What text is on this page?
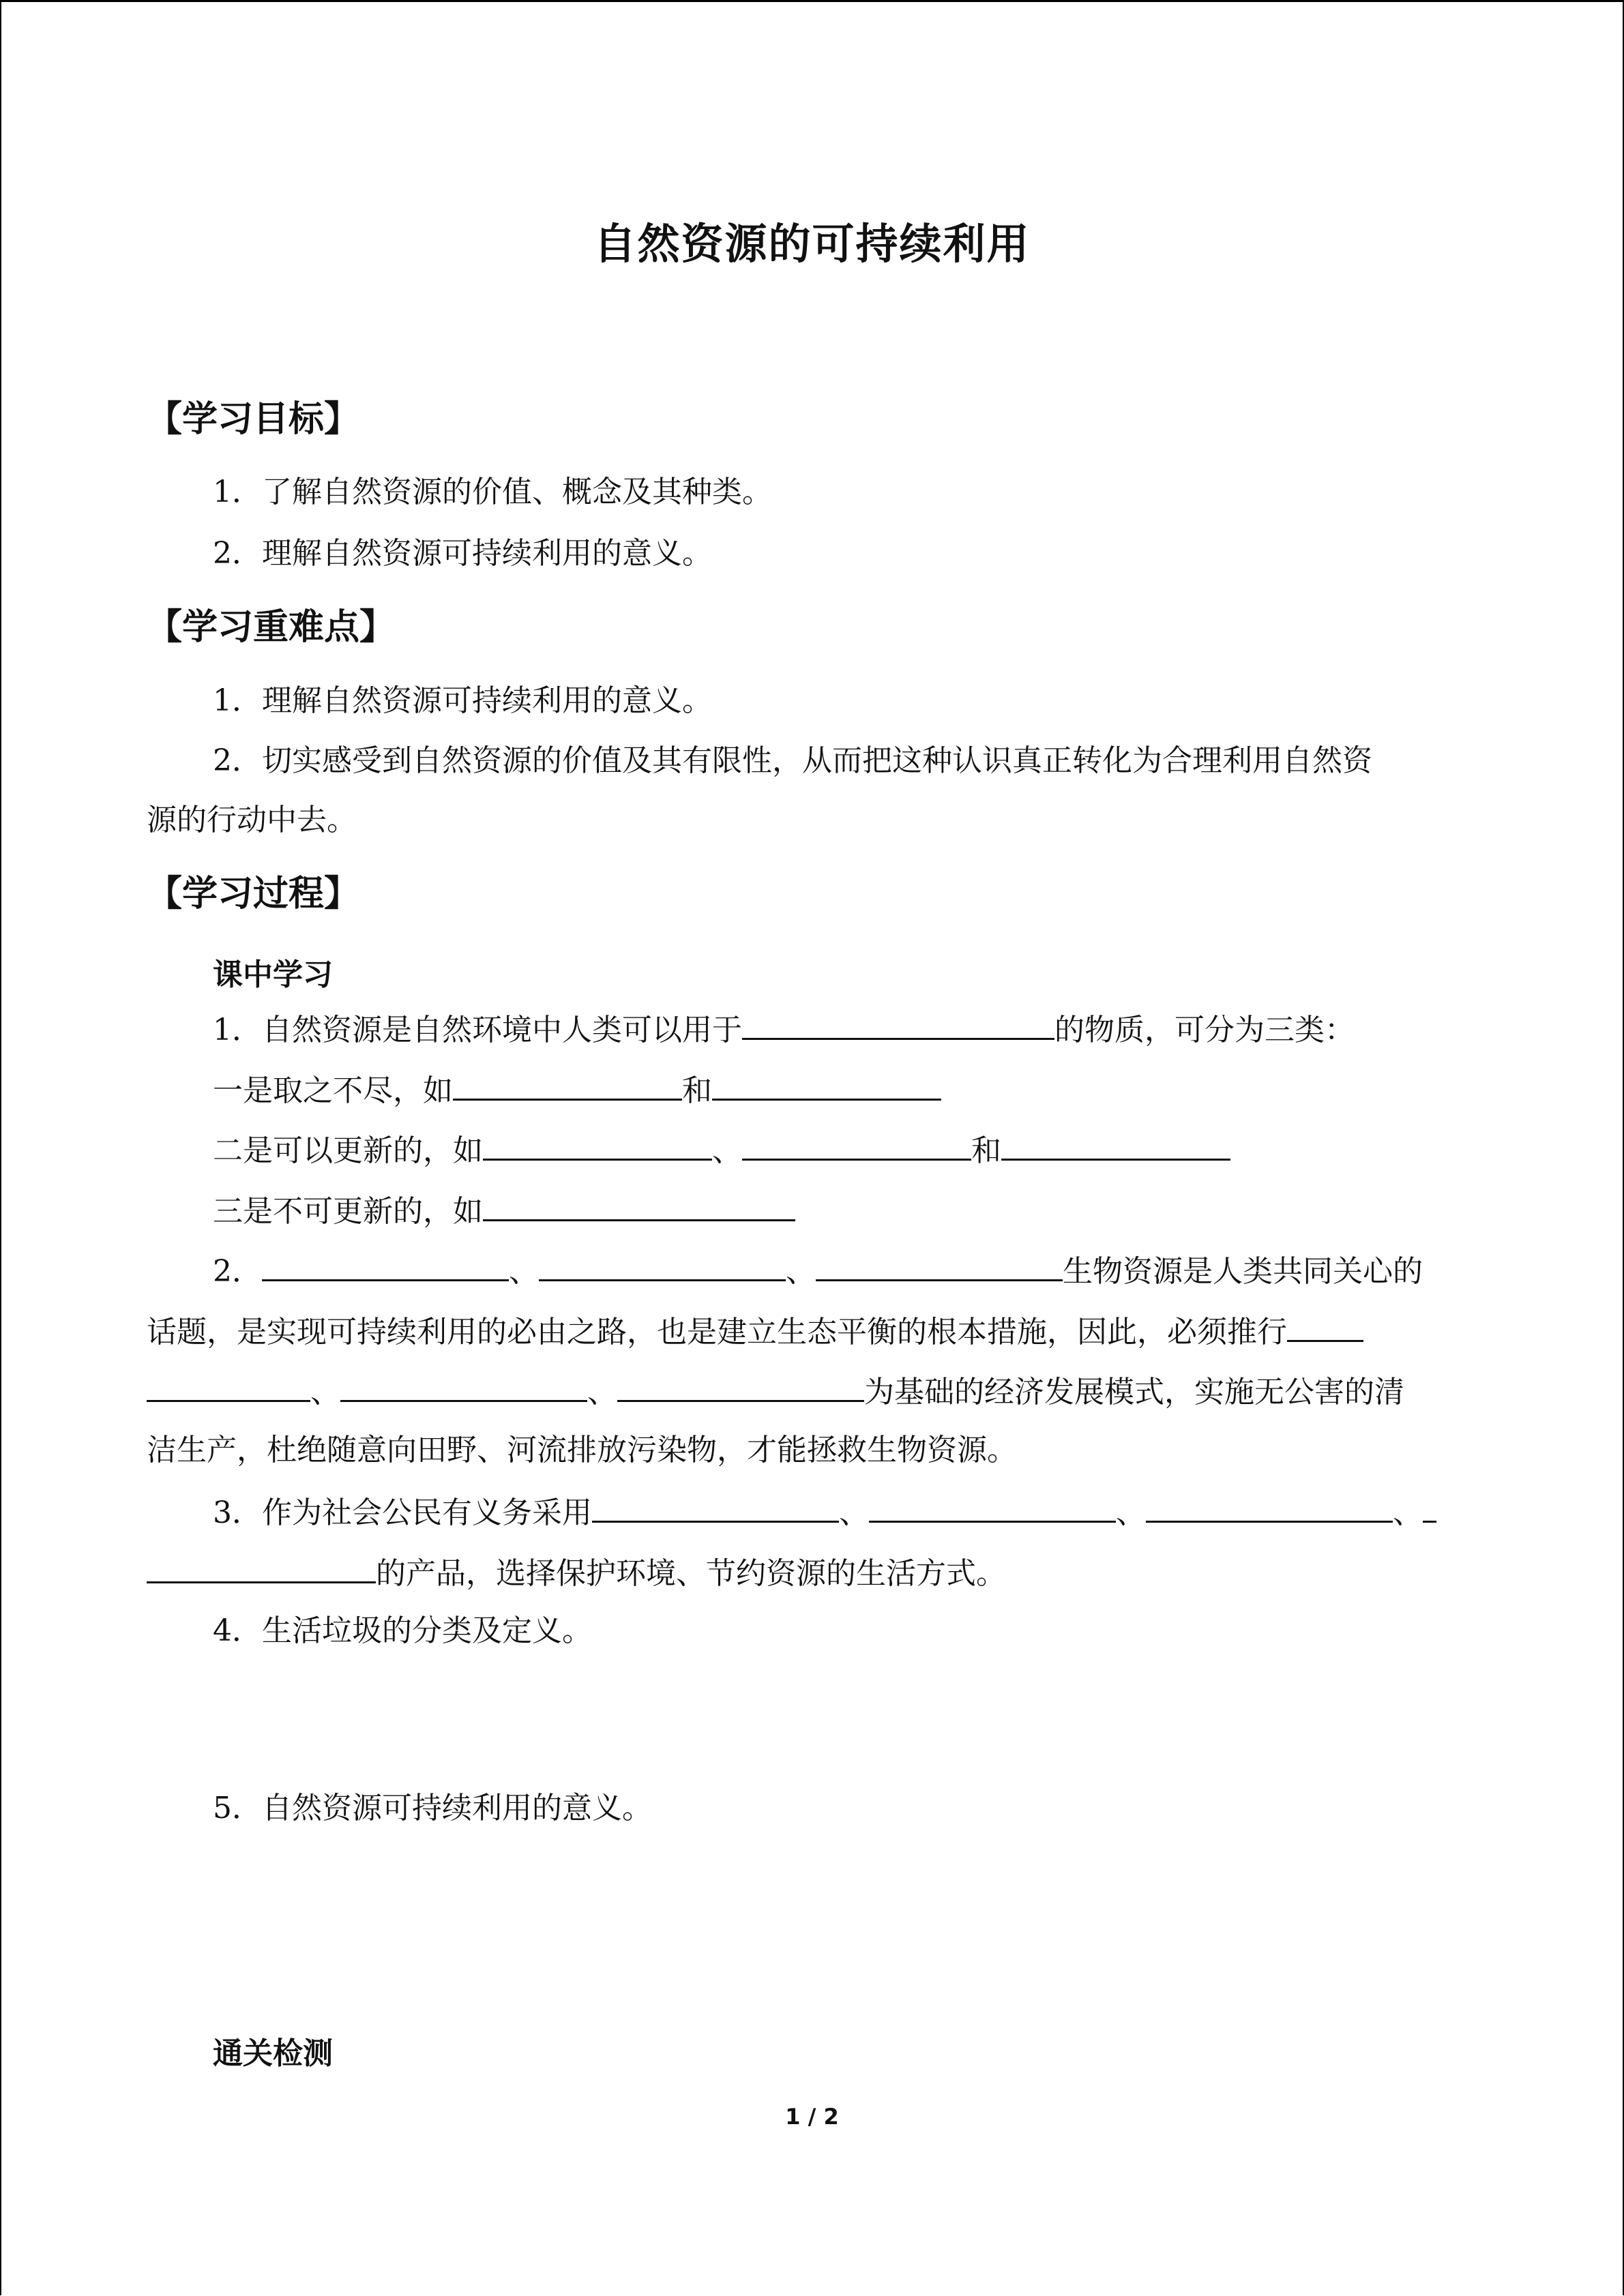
自然资源的可持续利用
【学习目标】
1．了解自然资源的价值、概念及其种类。
2．理解自然资源可持续利用的意义。
【学习重难点】
1．理解自然资源可持续利用的意义。
2．切实感受到自然资源的价值及其有限性，从而把这种认识真正转化为合理利用自然资
源的行动中去。
【学习过程】
课中学习
1．自然资源是自然环境中人类可以用于	的物质，可分为三类：
一是取之不尽，如	和
二是可以更新的，如	、	和
三是不可更新的，如
2．	、	、	生物资源是人类共同关心的
话题，是实现可持续利用的必由之路，也是建立生态平衡的根本措施，因此，必须推行
、	、	为基础的经济发展模式，实施无公害的清
洁生产，杜绝随意向田野、河流排放污染物，才能拯救生物资源。
3．作为社会公民有义务采用	、	、	、
的产品，选择保护环境、节约资源的生活方式。
4．生活垃圾的分类及定义。
5．自然资源可持续利用的意义。
通关检测
1 / 2
